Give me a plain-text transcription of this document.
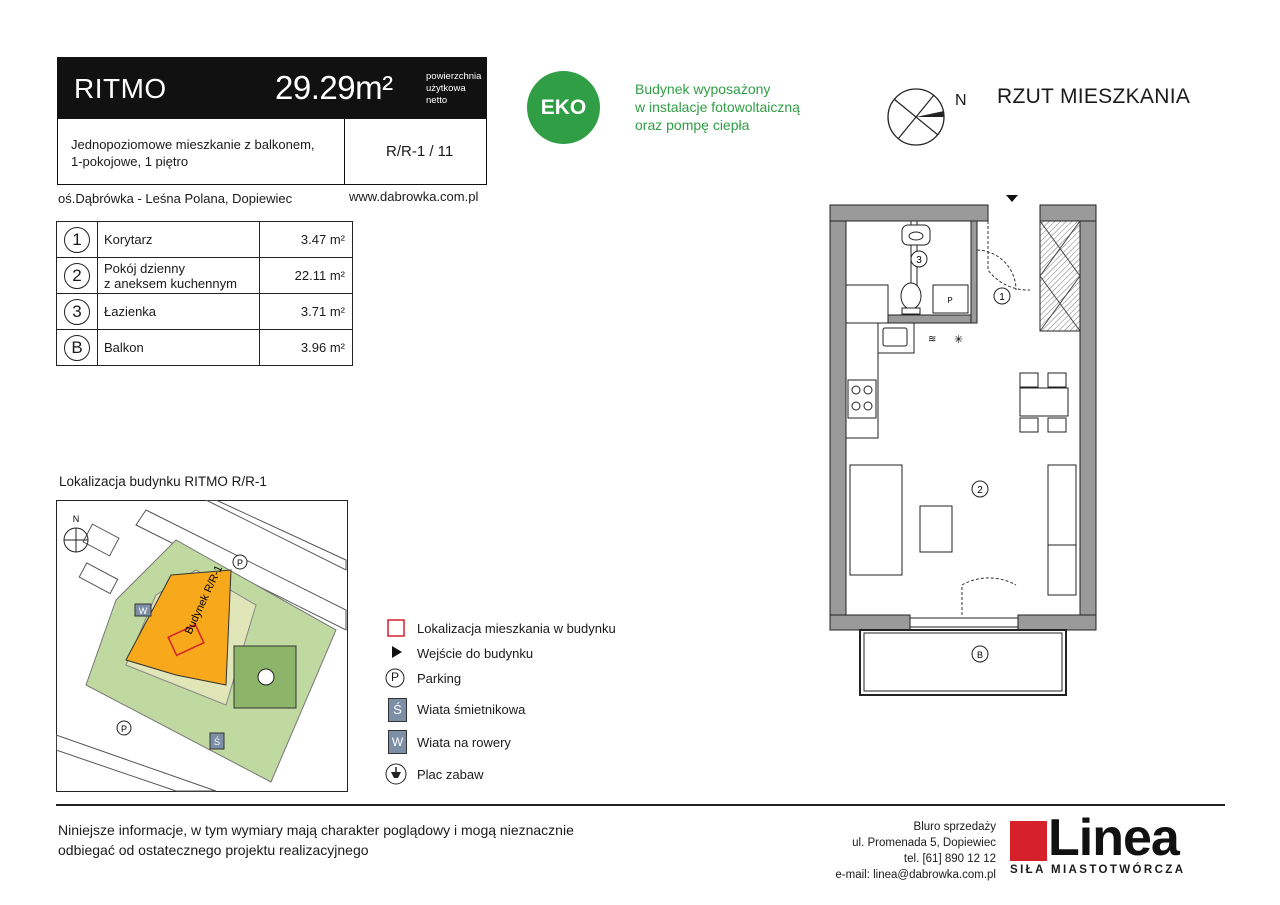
RITMO	29.29m²	powierzchnia
użytkowa
netto
Jednopoziomowe mieszkanie z balkonem,
1-pokojowe, 1 piętro
R/R-1 / 11
oś.Dąbrówka - Leśna Polana, Dopiewiec	www.dabrowka.com.pl
1	Korytarz	3.47 m²
2	Pokój dzienny
z aneksem kuchennym	22.11 m²
3	Łazienka	3.71 m²
B	Balkon	3.96 m²
EKO
Budynek wyposażony
w instalacje fotowoltaiczną
oraz pompę ciepła
N RZUT MIESZKANIA
P
≋ ✳
1
2
3
B
Lokalizacja budynku RITMO R/R-1
Budynek R/R-1
W
Ś
P
P
N
Lokalizacja mieszkania w budynku
Wejście do budynku
P	Parking
Ś	Wiata śmietnikowa
W Wiata na rowery
Plac zabaw
Niniejsze informacje, w tym wymiary mają charakter poglądowy i mogą nieznacznie
odbiegać od ostatecznego projektu realizacyjnego
Bluro sprzedaży
ul. Promenada 5, Dopiewiec
tel. [61] 890 12 12
e-mail: linea@dabrowka.com.pl
Linea
SIŁA MIASTOTWÓRCZA
